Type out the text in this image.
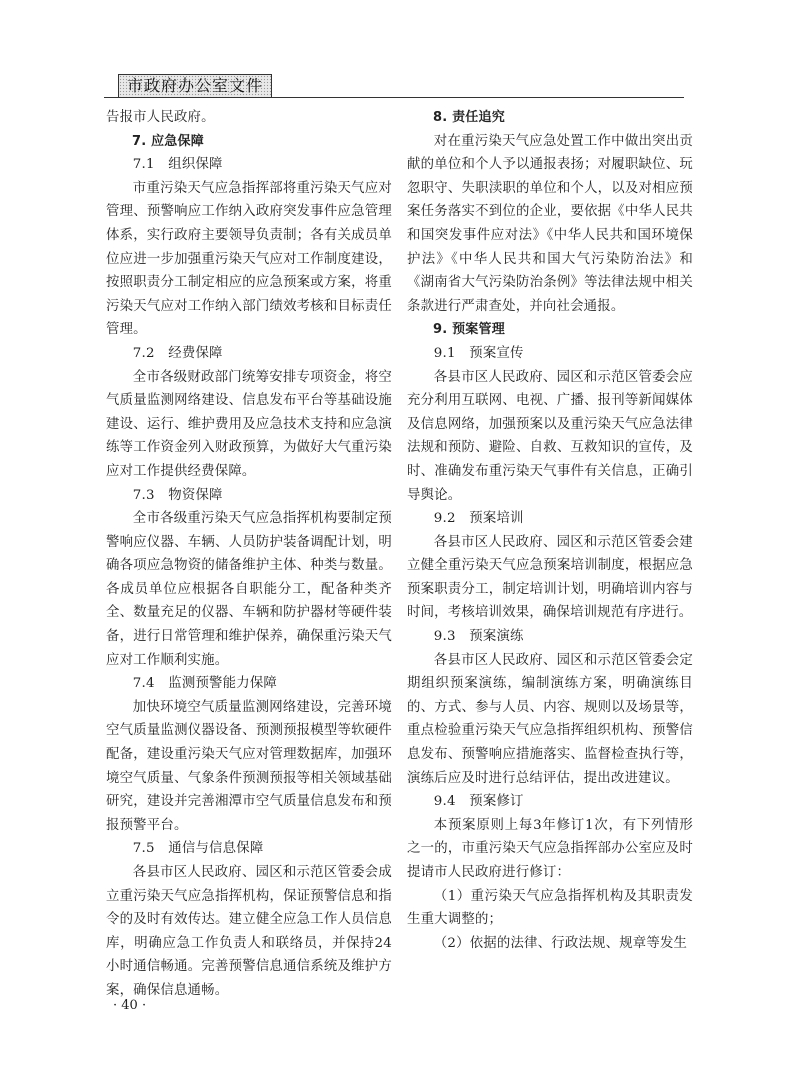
市政府办公室文件

告报市人民政府。

7. 应急保障

7.1　组织保障

市重污染天气应急指挥部将重污染天气应对管理、预警响应工作纳入政府突发事件应急管理体系，实行政府主要领导负责制；各有关成员单位应进一步加强重污染天气应对工作制度建设，按照职责分工制定相应的应急预案或方案，将重污染天气应对工作纳入部门绩效考核和目标责任管理。

7.2　经费保障

全市各级财政部门统筹安排专项资金，将空气质量监测网络建设、信息发布平台等基础设施建设、运行、维护费用及应急技术支持和应急演练等工作资金列入财政预算，为做好大气重污染应对工作提供经费保障。

7.3　物资保障

全市各级重污染天气应急指挥机构要制定预警响应仪器、车辆、人员防护装备调配计划，明确各项应急物资的储备维护主体、种类与数量。各成员单位应根据各自职能分工，配备种类齐全、数量充足的仪器、车辆和防护器材等硬件装备，进行日常管理和维护保养，确保重污染天气应对工作顺利实施。

7.4　监测预警能力保障

加快环境空气质量监测网络建设，完善环境空气质量监测仪器设备、预测预报模型等软硬件配备，建设重污染天气应对管理数据库，加强环境空气质量、气象条件预测预报等相关领域基础研究，建设并完善湘潭市空气质量信息发布和预报预警平台。

7.5　通信与信息保障

各县市区人民政府、园区和示范区管委会成立重污染天气应急指挥机构，保证预警信息和指令的及时有效传达。建立健全应急工作人员信息库，明确应急工作负责人和联络员，并保持24小时通信畅通。完善预警信息通信系统及维护方案，确保信息通畅。

8. 责任追究

对在重污染天气应急处置工作中做出突出贡献的单位和个人予以通报表扬；对履职缺位、玩忽职守、失职渎职的单位和个人，以及对相应预案任务落实不到位的企业，要依据《中华人民共和国突发事件应对法》《中华人民共和国环境保护法》《中华人民共和国大气污染防治法》和《湖南省大气污染防治条例》等法律法规中相关条款进行严肃查处，并向社会通报。

9. 预案管理

9.1　预案宣传

各县市区人民政府、园区和示范区管委会应充分利用互联网、电视、广播、报刊等新闻媒体及信息网络，加强预案以及重污染天气应急法律法规和预防、避险、自救、互救知识的宣传，及时、准确发布重污染天气事件有关信息，正确引导舆论。

9.2　预案培训

各县市区人民政府、园区和示范区管委会建立健全重污染天气应急预案培训制度，根据应急预案职责分工，制定培训计划，明确培训内容与时间，考核培训效果，确保培训规范有序进行。

9.3　预案演练

各县市区人民政府、园区和示范区管委会定期组织预案演练，编制演练方案，明确演练目的、方式、参与人员、内容、规则以及场景等，重点检验重污染天气应急指挥组织机构、预警信息发布、预警响应措施落实、监督检查执行等，演练后应及时进行总结评估，提出改进建议。

9.4　预案修订

本预案原则上每3年修订1次，有下列情形之一的，市重污染天气应急指挥部办公室应及时提请市人民政府进行修订：

（1）重污染天气应急指挥机构及其职责发生重大调整的；

（2）依据的法律、行政法规、规章等发生

· 40 ·
